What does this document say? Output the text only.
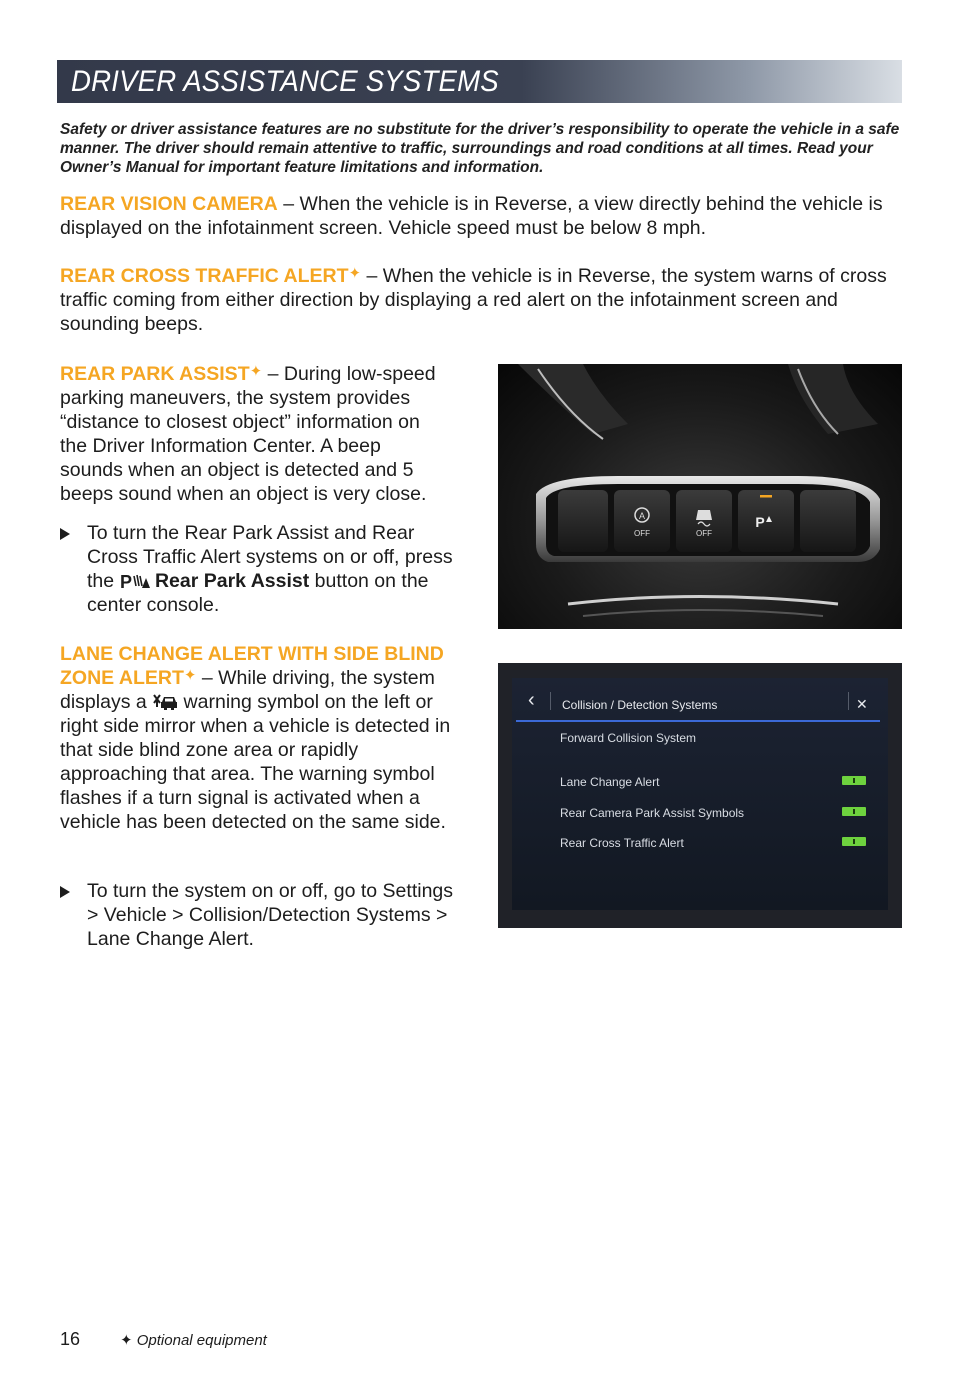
DRIVER ASSISTANCE SYSTEMS
Safety or driver assistance features are no substitute for the driver’s responsibility to operate the vehicle in a safe manner. The driver should remain attentive to traffic, surroundings and road conditions at all times. Read your Owner’s Manual for important feature limitations and information.
REAR VISION CAMERA – When the vehicle is in Reverse, a view directly behind the vehicle is displayed on the infotainment screen. Vehicle speed must be below 8 mph.
REAR CROSS TRAFFIC ALERT✦ – When the vehicle is in Reverse, the system warns of cross traffic coming from either direction by displaying a red alert on the infotainment screen and sounding beeps.
REAR PARK ASSIST✦ – During low-speed parking maneuvers, the system provides “distance to closest object” information on the Driver Information Center. A beep sounds when an object is detected and 5 beeps sound when an object is very close.
To turn the Rear Park Assist and Rear Cross Traffic Alert systems on or off, press the P Rear Park Assist button on the center console.
LANE CHANGE ALERT WITH SIDE BLIND ZONE ALERT✦ – While driving, the system displays a  warning symbol on the left or right side mirror when a vehicle is detected in that side blind zone area or rapidly approaching that area. The warning symbol flashes if a turn signal is activated when a vehicle has been detected on the same side.
To turn the system on or off, go to Settings > Vehicle > Collision/Detection Systems > Lane Change Alert.
A
OFF	OFF
P
‹ Collision / Detection Systems	✕
Forward Collision System
Lane Change Alert
Rear Camera Park Assist Symbols
Rear Cross Traffic Alert
16	✦ Optional equipment
